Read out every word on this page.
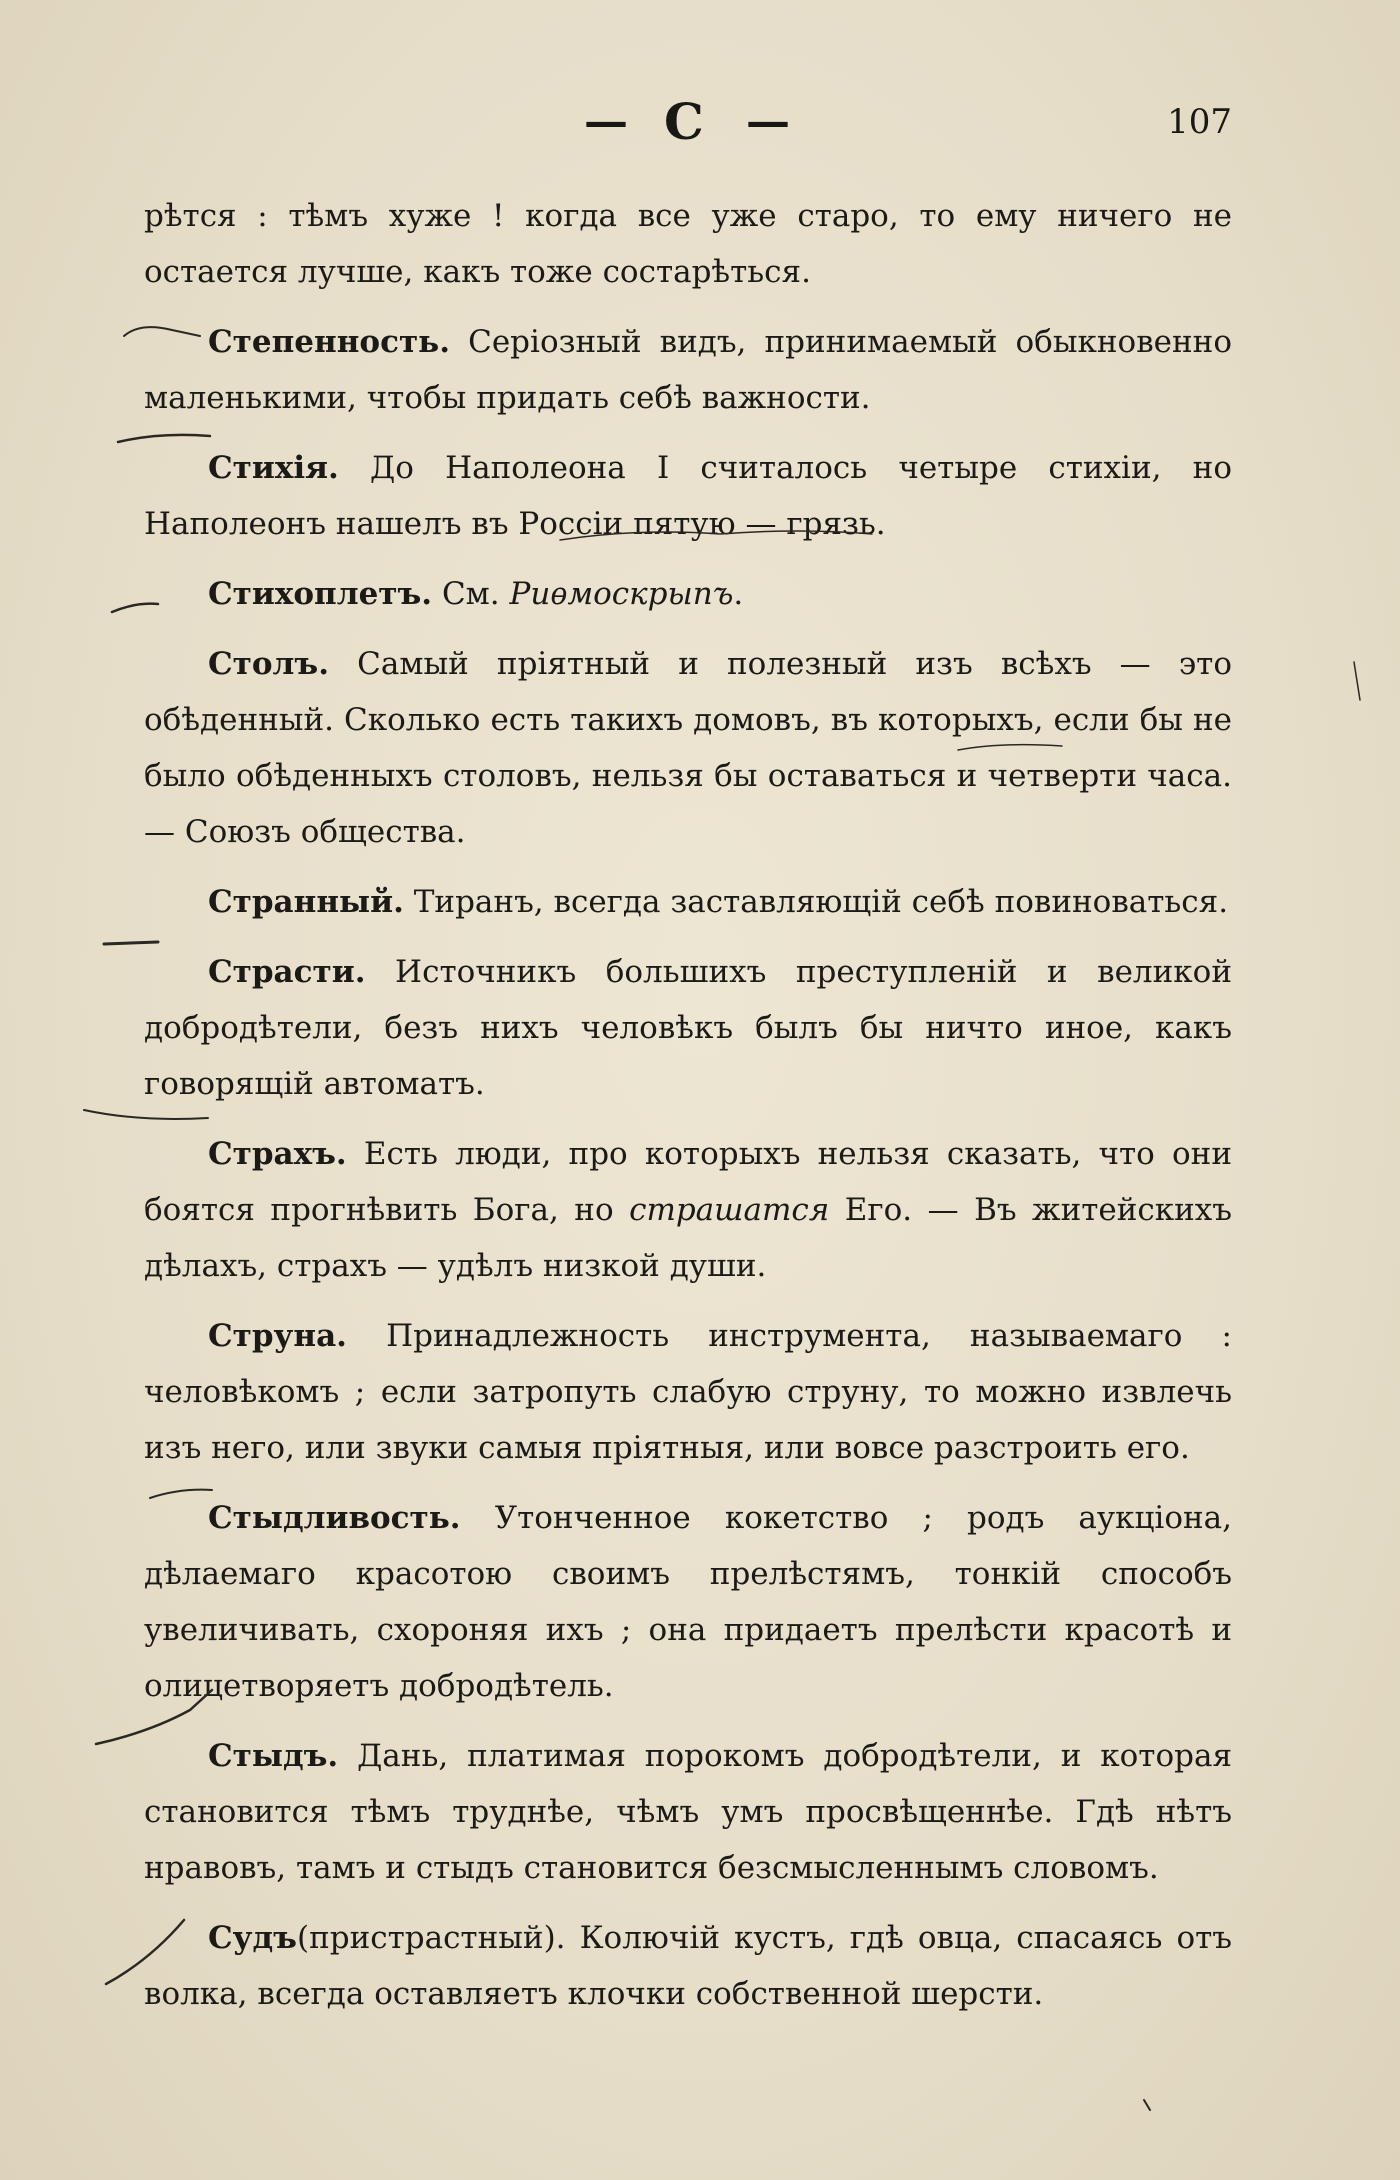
— С —	107

рѣтся : тѣмъ хуже ! когда все уже старо, то ему ничего не остается лучше, какъ тоже состарѣться.

Степенность. Серіозный видъ, принимаемый обыкновенно маленькими, чтобы придать себѣ важности.

Стихія. До Наполеона I считалось четыре стихіи, но Наполеонъ нашелъ въ Россіи пятую — грязь.

Стихоплетъ. См. Риѳмоскрыпъ.

Столъ. Самый пріятный и полезный изъ всѣхъ — это обѣденный. Сколько есть такихъ домовъ, въ которыхъ, если бы не было обѣденныхъ столовъ, нельзя бы оставаться и четверти часа. — Союзъ общества.

Странный. Тиранъ, всегда заставляющій себѣ повиноваться.

Страсти. Источникъ большихъ преступленій и великой добродѣтели, безъ нихъ человѣкъ былъ бы ничто иное, какъ говорящій автоматъ.

Страхъ. Есть люди, про которыхъ нельзя сказать, что они боятся прогнѣвить Бога, но страшатся Его. — Въ житейскихъ дѣлахъ, страхъ — удѣлъ низкой души.

Струна. Принадлежность инструмента, называемаго : человѣкомъ ; если затропуть слабую струну, то можно извлечь изъ него, или звуки самыя пріятныя, или вовсе разстроить его.

Стыдливость. Утонченное кокетство ; родъ аукціона, дѣлаемаго красотою своимъ прелѣстямъ, тонкій способъ увеличивать, схороняя ихъ ; она придаетъ прелѣсти красотѣ и олицетворяетъ добродѣтель.

Стыдъ. Дань, платимая порокомъ добродѣтели, и которая становится тѣмъ труднѣе, чѣмъ умъ просвѣщеннѣе. Гдѣ нѣтъ нравовъ, тамъ и стыдъ становится безсмысленнымъ словомъ.

Судъ(пристрастный). Колючій кустъ, гдѣ овца, спасаясь отъ волка, всегда оставляетъ клочки собственной шерсти.
